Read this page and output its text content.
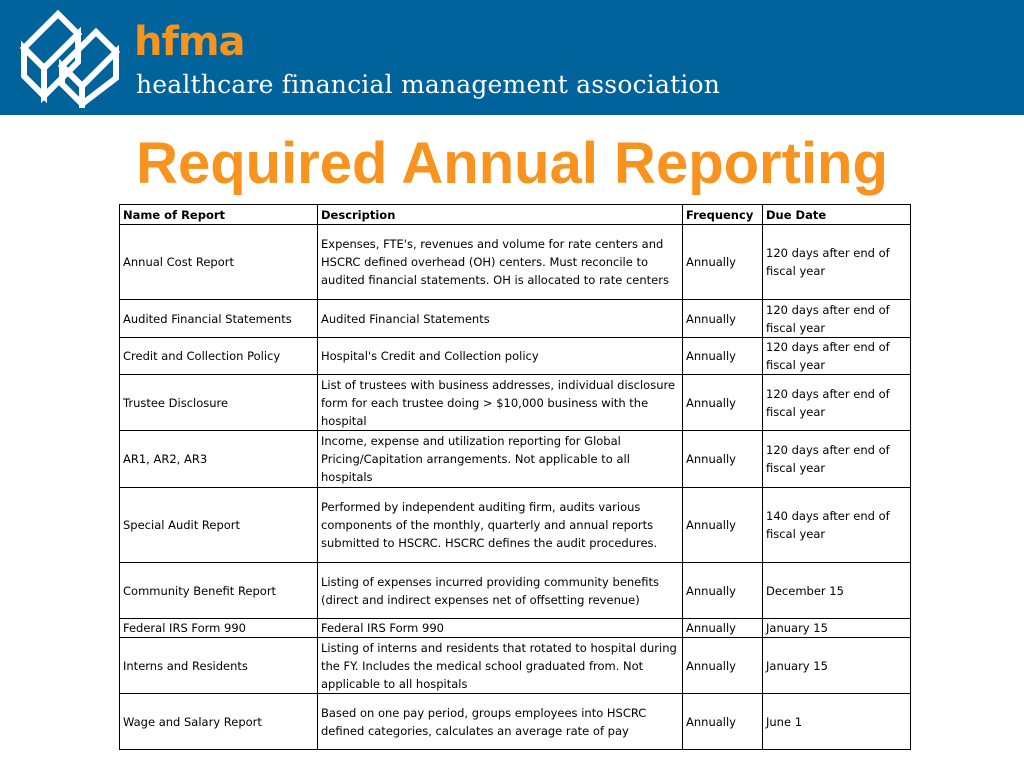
hfma
healthcare financial management association
Required Annual Reporting
Name of Report	Description	Frequency	Due Date
Annual Cost Report	Expenses, FTE's, revenues and volume for rate centers and HSCRC defined overhead (OH) centers. Must reconcile to audited financial statements. OH is allocated to rate centers	Annually	120 days after end of fiscal year
Audited Financial Statements	Audited Financial Statements	Annually	120 days after end of fiscal year
Credit and Collection Policy	Hospital's Credit and Collection policy	Annually	120 days after end of fiscal year
Trustee Disclosure	List of trustees with business addresses, individual disclosure form for each trustee doing > $10,000 business with the hospital	Annually	120 days after end of fiscal year
AR1, AR2, AR3	Income, expense and utilization reporting for Global Pricing/Capitation arrangements. Not applicable to all hospitals	Annually	120 days after end of fiscal year
Special Audit Report	Performed by independent auditing firm, audits various components of the monthly, quarterly and annual reports submitted to HSCRC. HSCRC defines the audit procedures.	Annually	140 days after end of fiscal year
Community Benefit Report	Listing of expenses incurred providing community benefits (direct and indirect expenses net of offsetting revenue)	Annually	December 15
Federal IRS Form 990	Federal IRS Form 990	Annually	January 15
Interns and Residents	Listing of interns and residents that rotated to hospital during the FY. Includes the medical school graduated from. Not applicable to all hospitals	Annually	January 15
Wage and Salary Report	Based on one pay period, groups employees into HSCRC defined categories, calculates an average rate of pay	Annually	June 1
